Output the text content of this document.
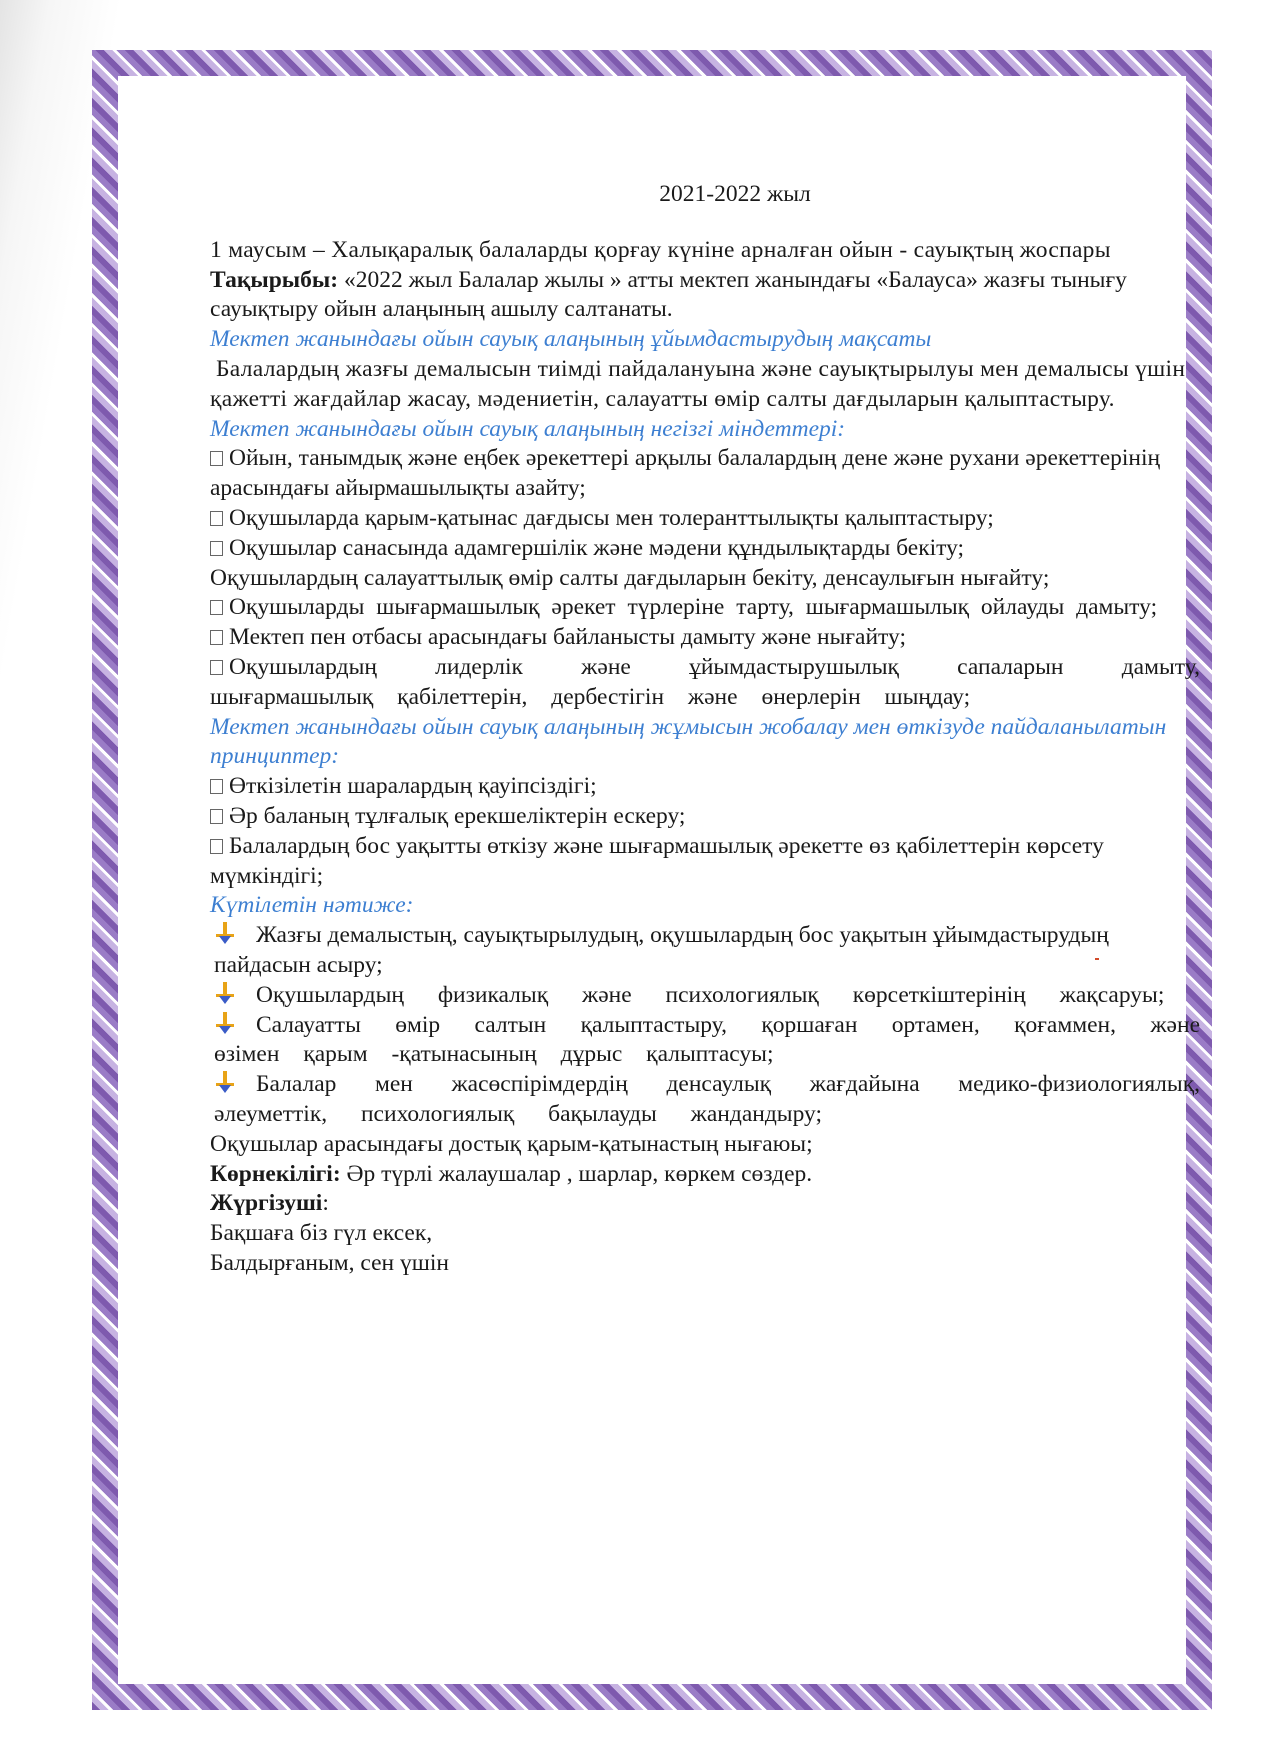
2021-2022 жыл

1 маусым – Халықаралық балаларды қорғау күніне арналған ойын - сауықтың жоспары

Тақырыбы: «2022 жыл Балалар жылы » атты мектеп жанындағы «Балауса» жазғы тынығу сауықтыру ойын алаңының ашылу салтанаты.

Мектеп жанындағы ойын сауық алаңының ұйымдастырудың мақсаты

Балалардың жазғы демалысын тиімді пайдалануына және сауықтырылуы мен демалысы үшін қажетті жағдайлар жасау, мәдениетін, салауатты өмір салты дағдыларын қалыптастыру.

Мектеп жанындағы ойын сауық алаңының негізгі міндеттері:

Ойын, танымдық және еңбек әрекеттері арқылы балалардың дене және рухани әрекеттерінің арасындағы айырмашылықты азайту;

Оқушыларда қарым-қатынас дағдысы мен толеранттылықты қалыптастыру;

Оқушылар санасында адамгершілік және мәдени құндылықтарды бекіту;

Оқушылардың салауаттылық өмір салты дағдыларын бекіту, денсаулығын нығайту;

Оқушыларды шығармашылық әрекет түрлеріне тарту, шығармашылық ойлауды дамыту;

Мектеп пен отбасы арасындағы байланысты дамыту және нығайту;

Оқушылардың лидерлік және ұйымдастырушылық сапаларын дамыту, шығармашылық қабілеттерін, дербестігін және өнерлерін шыңдау;

Мектеп жанындағы ойын сауық алаңының жұмысын жобалау мен өткізуде пайдаланылатын принциптер:

Өткізілетін шаралардың қауіпсіздігі;

Әр баланың тұлғалық ерекшеліктерін ескеру;

Балалардың бос уақытты өткізу және шығармашылық әрекетте өз қабілеттерін көрсету мүмкіндігі;

Күтілетін нәтиже:

Жазғы демалыстың, сауықтырылудың, оқушылардың бос уақытын ұйымдастырудың пайдасын асыру;

Оқушылардың физикалық және психологиялық көрсеткіштерінің жақсаруы;

Салауатты өмір салтын қалыптастыру, қоршаған ортамен, қоғаммен, және өзімен қарым -қатынасының дұрыс қалыптасуы;

Балалар мен жасөспірімдердің денсаулық жағдайына медико-физиологиялық, әлеуметтік, психологиялық бақылауды жандандыру;

Оқушылар арасындағы достық қарым-қатынастың нығаюы;

Көрнекілігі: Әр түрлі жалаушалар , шарлар, көркем сөздер.

Жүргізуші:

Бақшаға біз гүл ексек,

Балдырғаным, сен үшін
